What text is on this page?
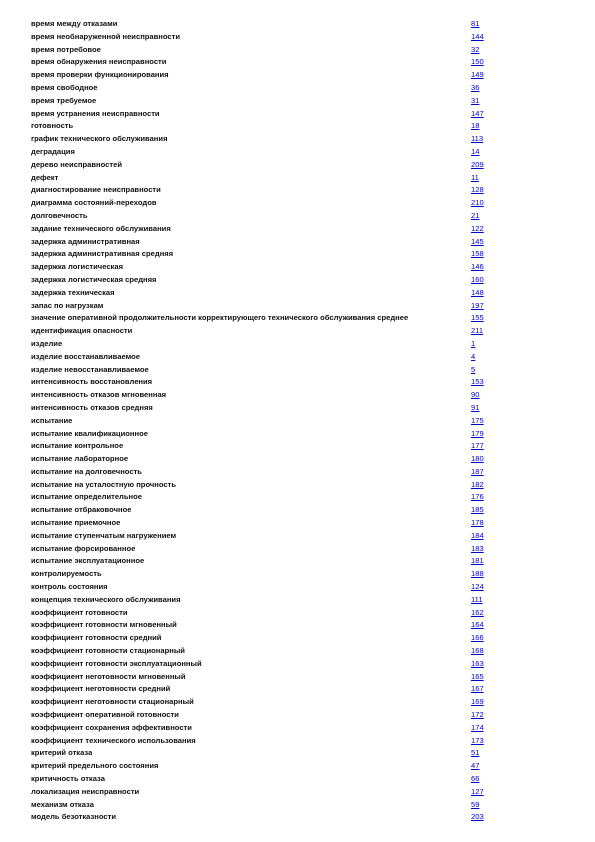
время между отказами	81
время необнаруженной неисправности	144
время потребовое	32
время обнаружения неисправности	150
время проверки функционирования	149
время свободное	36
время требуемое	31
время устранения неисправности	147
готовность	18
график технического обслуживания	113
деградация	14
дерево неисправностей	209
дефект	11
диагностирование неисправности	128
диаграмма состояний-переходов	210
долговечность	21
задание технического обслуживания	122
задержка административная	145
задержка административная средняя	158
задержка логистическая	146
задержка логистическая средняя	160
задержка техническая	148
запас по нагрузкам	197
значение оперативной продолжительности корректирующего технического обслуживания среднее	155
идентификация опасности	211
изделие	1
изделие восстанавливаемое	4
изделие невосстанавливаемое	5
интенсивность восстановления	153
интенсивность отказов мгновенная	90
интенсивность отказов средняя	91
испытание	175
испытание квалификационное	179
испытание контрольное	177
испытание лабораторное	180
испытание на долговечность	187
испытание на усталостную прочность	182
испытание определительное	176
испытание отбраковочное	185
испытание приемочное	178
испытание ступенчатым нагружением	184
испытание форсированное	183
испытание эксплуатационное	181
контролируемость	188
контроль состояния	124
концепция технического обслуживания	111
коэффициент готовности	162
коэффициент готовности мгновенный	164
коэффициент готовности средний	166
коэффициент готовности стационарный	168
коэффициент готовности эксплуатационный	163
коэффициент неготовности мгновенный	165
коэффициент неготовности средний	167
коэффициент неготовности стационарный	169
коэффициент оперативной готовности	172
коэффициент сохранения эффективности	174
коэффициент технического использования	173
критерий отказа	51
критерий предельного состояния	47
критичность отказа	66
локализация неисправности	127
механизм отказа	59
модель безотказности	203
